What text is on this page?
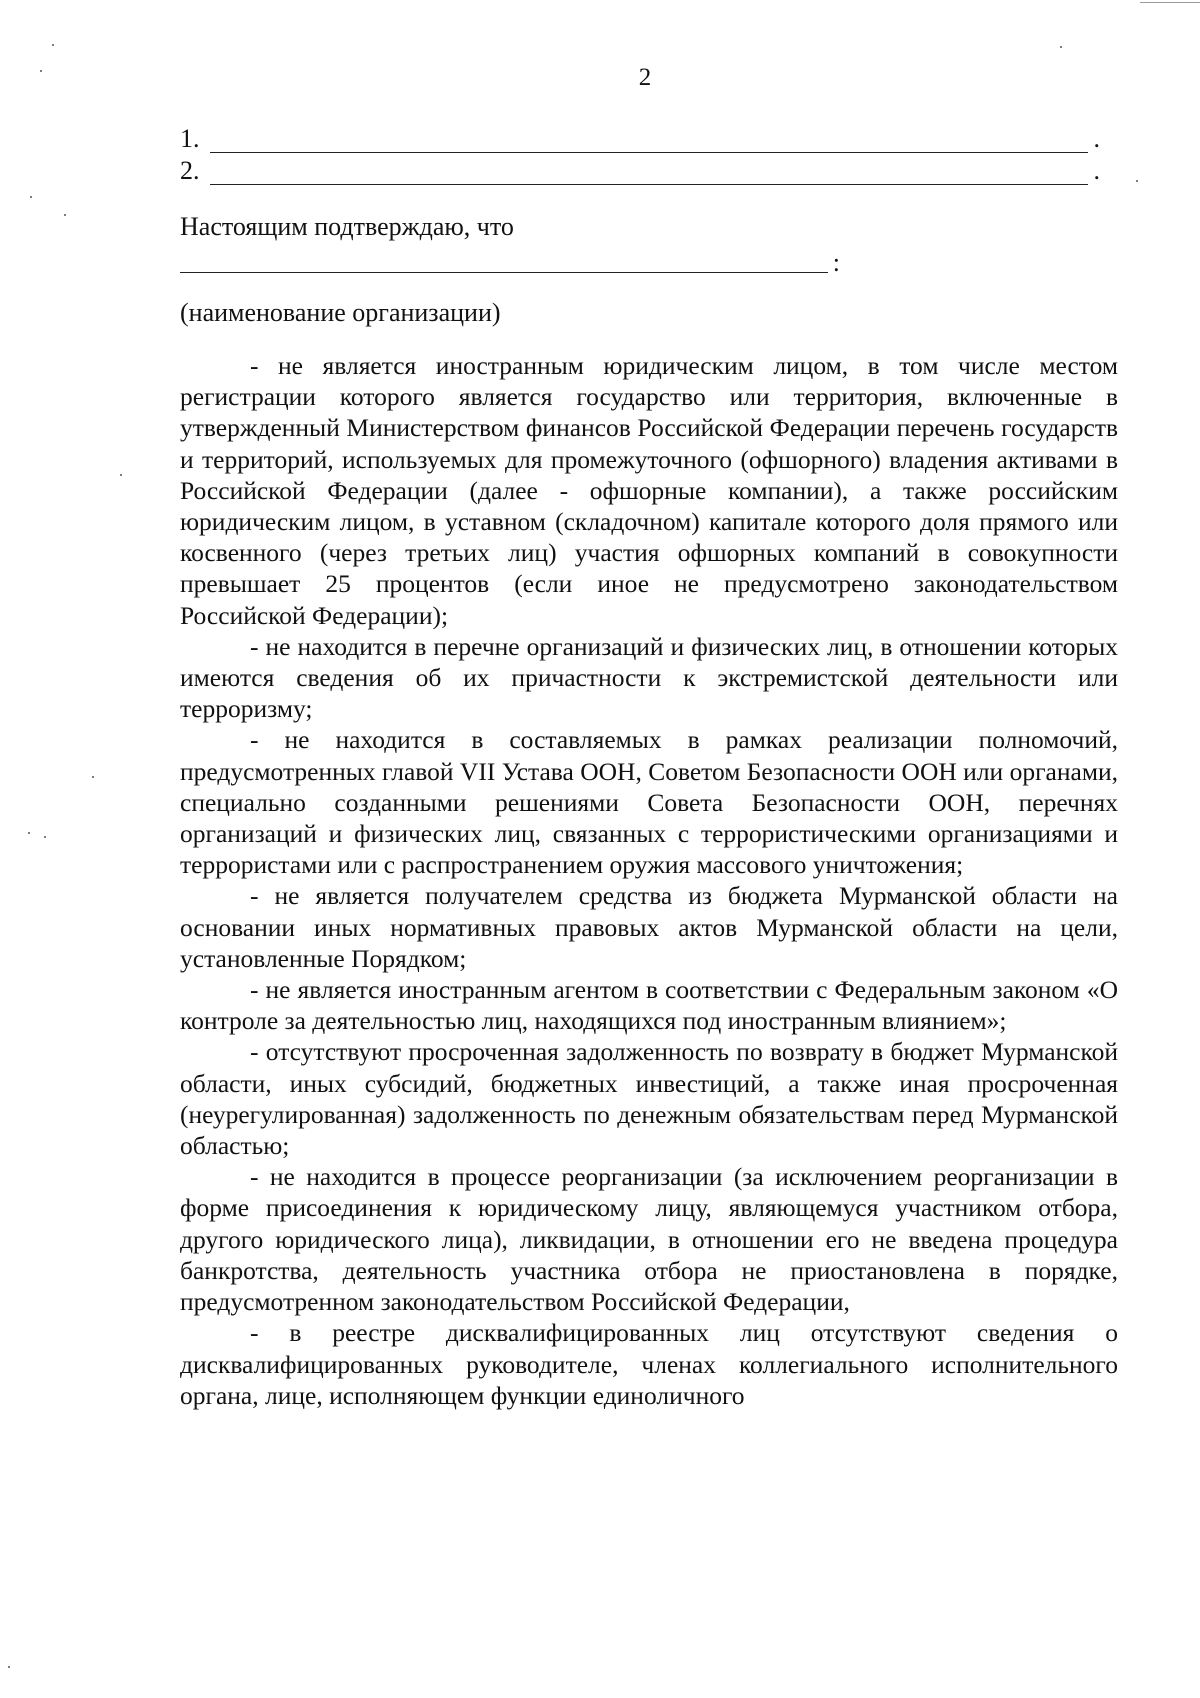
2
1.	.
2.	.
Настоящим подтверждаю, что
:
(наименование организации)

- не является иностранным юридическим лицом, в том числе местом регистрации которого является государство или территория, включенные в утвержденный Министерством финансов Российской Федерации перечень государств и территорий, используемых для промежуточного (офшорного) владения активами в Российской Федерации (далее - офшорные компании), а также российским юридическим лицом, в уставном (складочном) капитале которого доля прямого или косвенного (через третьих лиц) участия офшорных компаний в совокупности превышает 25 процентов (если иное не предусмотрено законодательством Российской Федерации);

- не находится в перечне организаций и физических лиц, в отношении которых имеются сведения об их причастности к экстремистской деятельности или терроризму;

- не находится в составляемых в рамках реализации полномочий, предусмотренных главой VII Устава ООН, Советом Безопасности ООН или органами, специально созданными решениями Совета Безопасности ООН, перечнях организаций и физических лиц, связанных с террористическими организациями и террористами или с распространением оружия массового уничтожения;

- не является получателем средства из бюджета Мурманской области на основании иных нормативных правовых актов Мурманской области на цели, установленные Порядком;

- не является иностранным агентом в соответствии с Федеральным законом «О контроле за деятельностью лиц, находящихся под иностранным влиянием»;

- отсутствуют просроченная задолженность по возврату в бюджет Мурманской области, иных субсидий, бюджетных инвестиций, а также иная просроченная (неурегулированная) задолженность по денежным обязательствам перед Мурманской областью;

- не находится в процессе реорганизации (за исключением реорганизации в форме присоединения к юридическому лицу, являющемуся участником отбора, другого юридического лица), ликвидации, в отношении его не введена процедура банкротства, деятельность участника отбора не приостановлена в порядке, предусмотренном законодательством Российской Федерации,

- в реестре дисквалифицированных лиц отсутствуют сведения о дисквалифицированных руководителе, членах коллегиального исполнительного органа, лице, исполняющем функции единоличного
